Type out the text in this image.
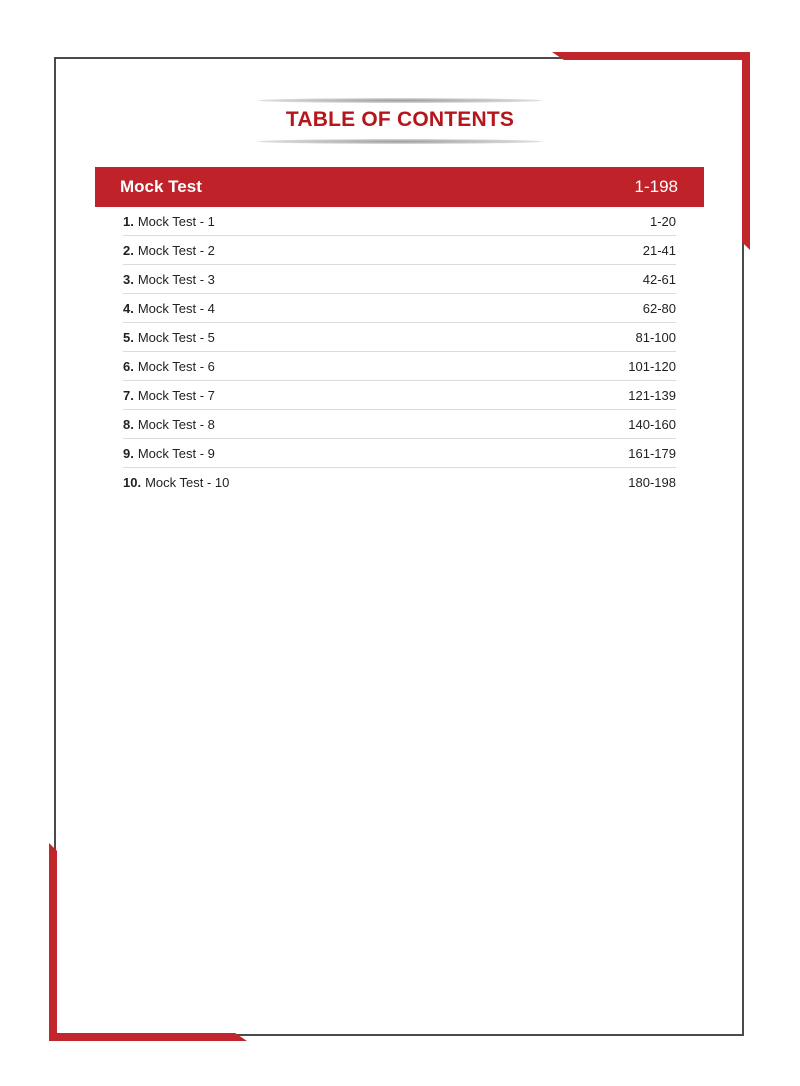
TABLE OF CONTENTS
Mock Test	1-198
1. Mock Test - 1	1-20
2. Mock Test - 2	21-41
3. Mock Test - 3	42-61
4. Mock Test - 4	62-80
5. Mock Test - 5	81-100
6. Mock Test - 6	101-120
7. Mock Test - 7	121-139
8. Mock Test - 8	140-160
9. Mock Test - 9	161-179
10. Mock Test - 10	180-198
